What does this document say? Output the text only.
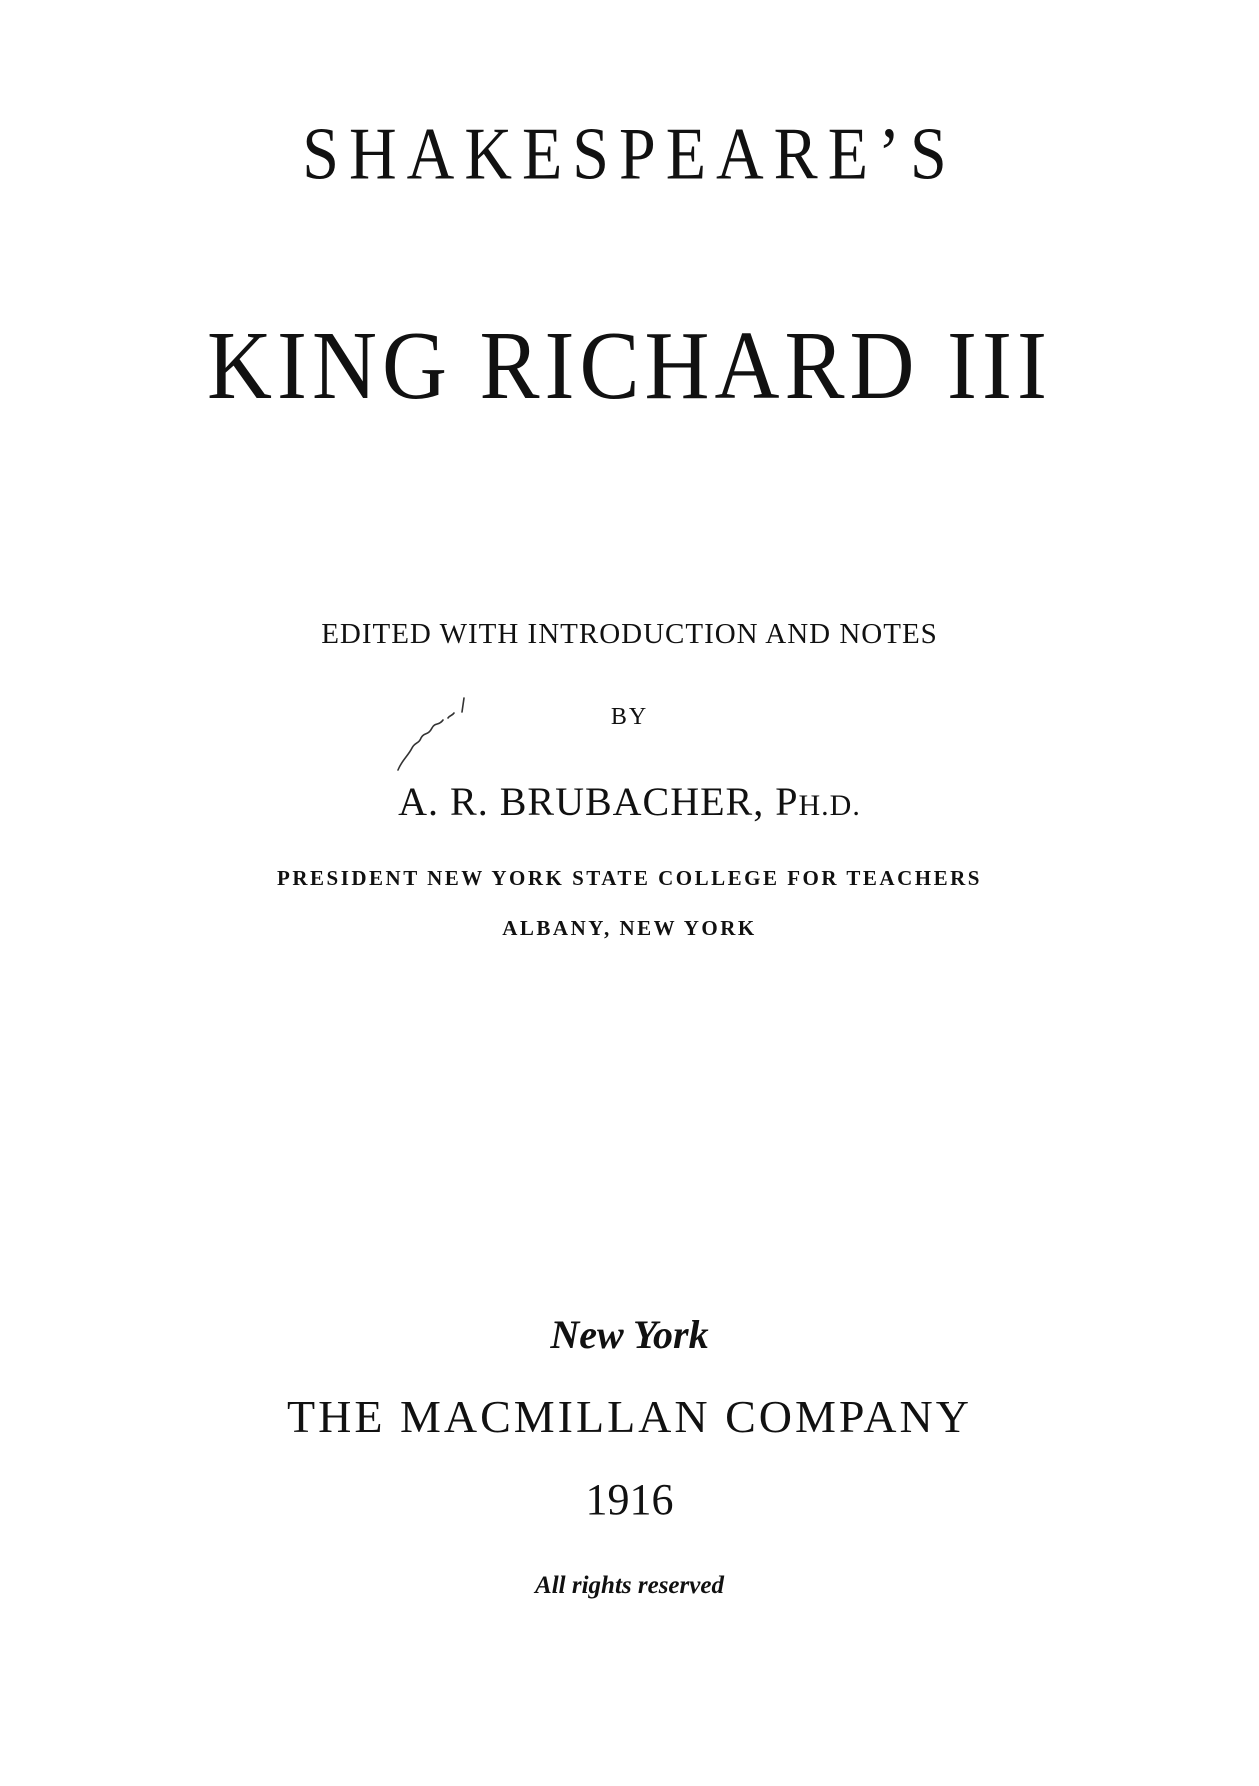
SHAKESPEARE’S
KING RICHARD III
EDITED WITH INTRODUCTION AND NOTES
BY
A. R. BRUBACHER, PH.D.
PRESIDENT NEW YORK STATE COLLEGE FOR TEACHERS
ALBANY, NEW YORK
New York
THE MACMILLAN COMPANY
1916
All rights reserved
